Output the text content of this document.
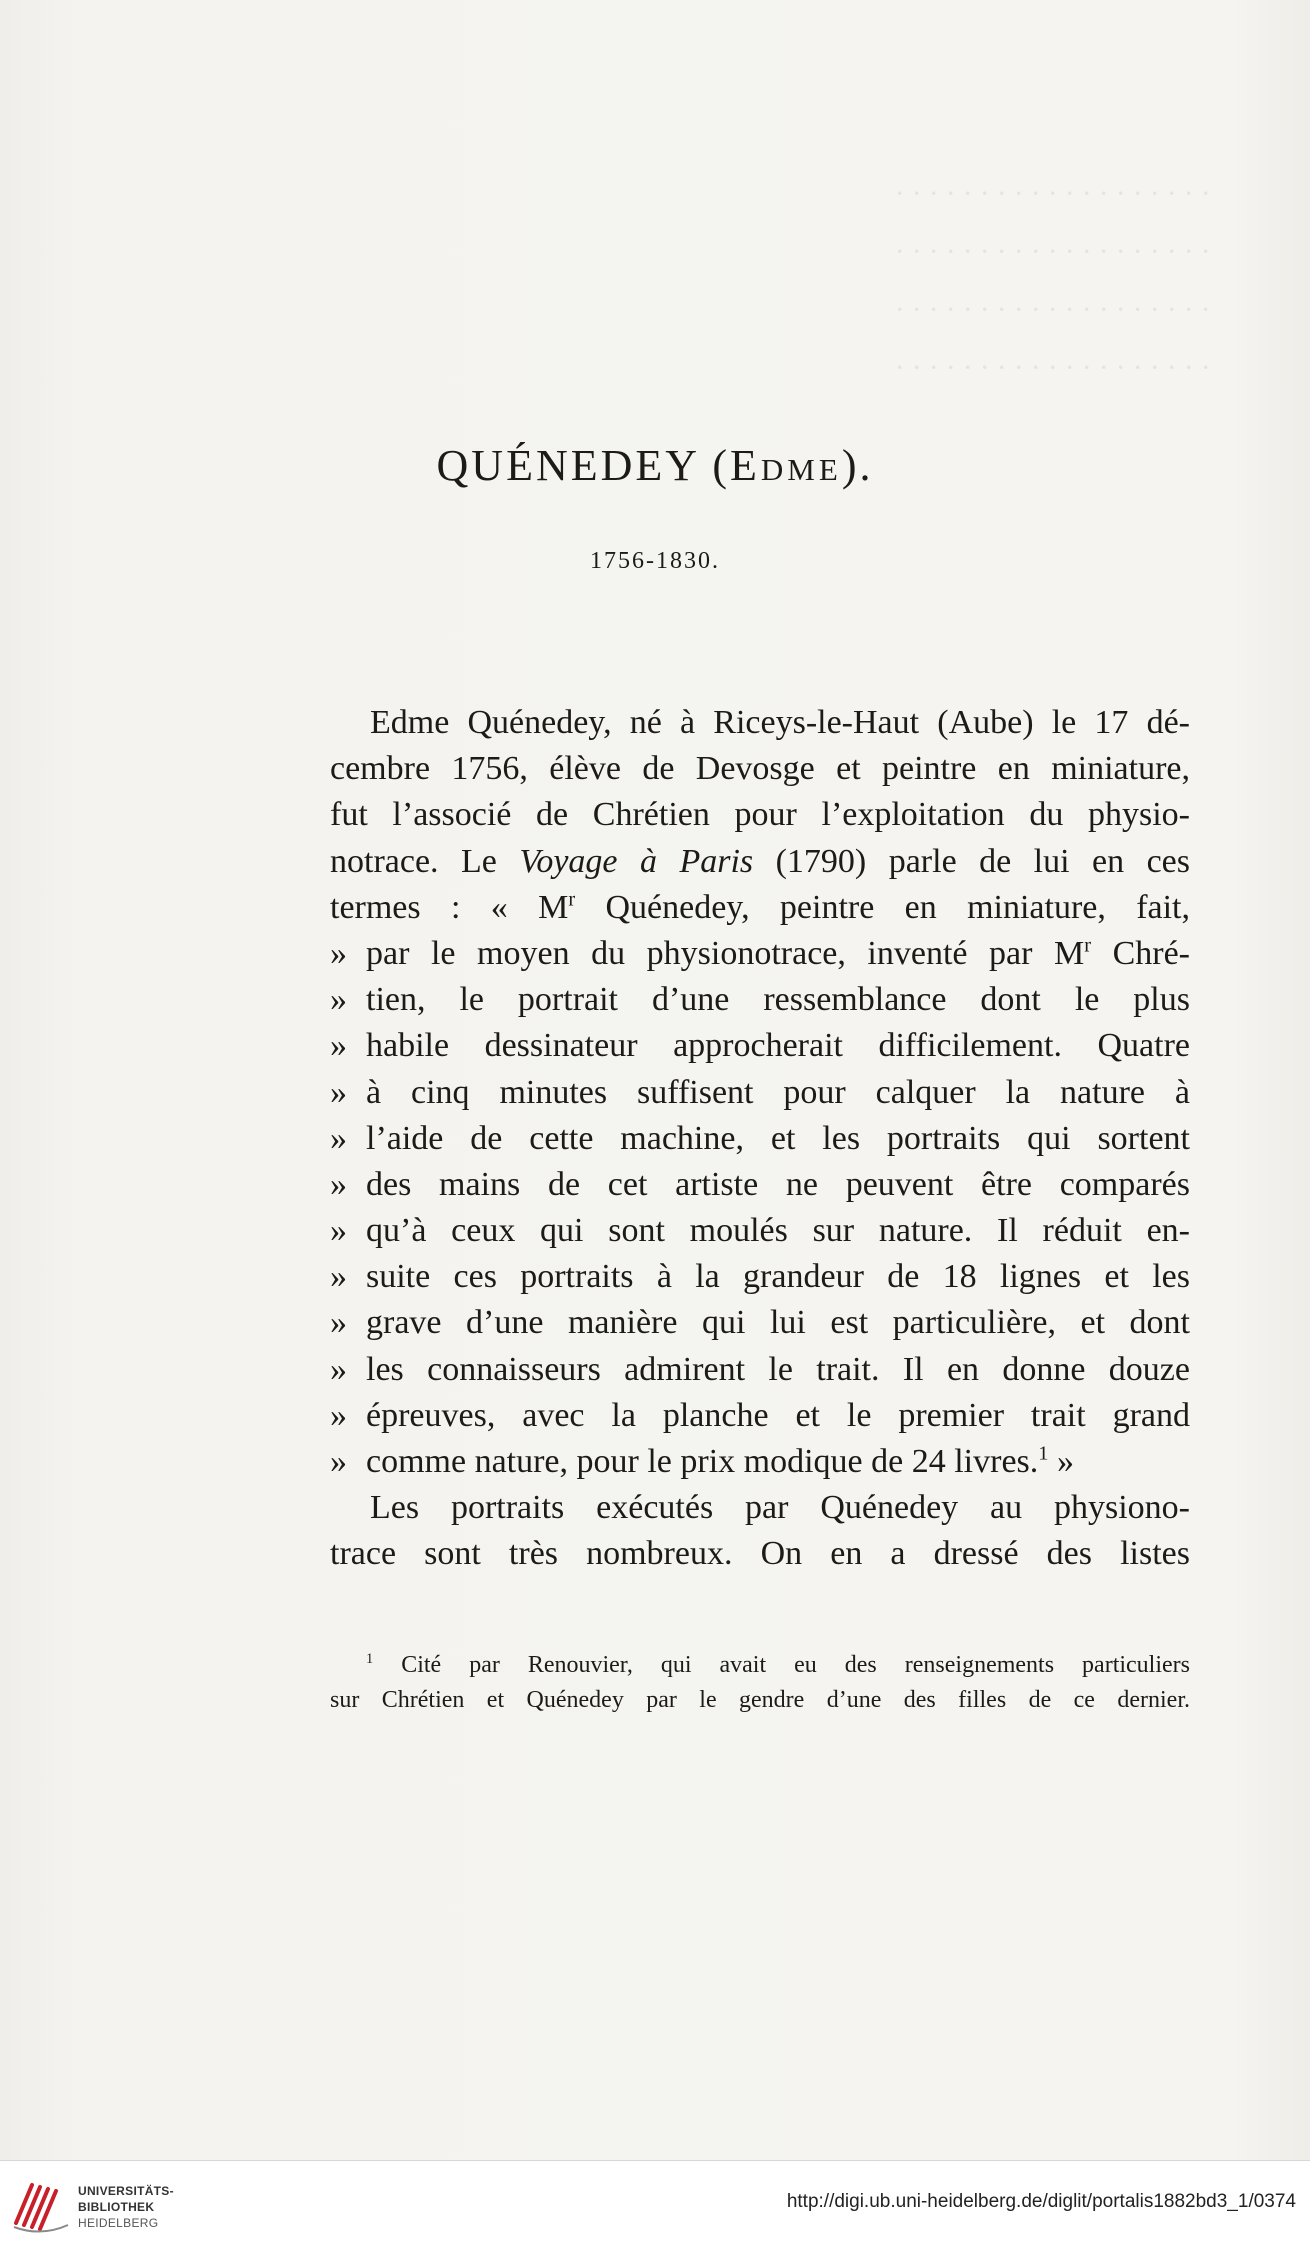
· · · · · · · · · · · · · · · · · · ·
· · · · · · · · · · · · · · · · · · ·
· · · · · · · · · · · · · · · · · · ·
· · · · · · · · · · · · · · · · · · ·
QUÉNEDEY (Edme).
1756-1830.
Edme Quénedey, né à Riceys-le-Haut (Aube) le 17 dé-
cembre 1756, élève de Devosge et peintre en miniature,
fut l’associé de Chrétien pour l’exploitation du physio-
notrace. Le Voyage à Paris (1790) parle de lui en ces
termes : « $M^r$ Quénedey, peintre en miniature, fait,
» par le moyen du physionotrace, inventé par $M^r$ Chré-
» tien, le portrait d’une ressemblance dont le plus
» habile dessinateur approcherait difficilement. Quatre
» à cinq minutes suffisent pour calquer la nature à
» l’aide de cette machine, et les portraits qui sortent
» des mains de cet artiste ne peuvent être comparés
» qu’à ceux qui sont moulés sur nature. Il réduit en-
» suite ces portraits à la grandeur de 18 lignes et les
» grave d’une manière qui lui est particulière, et dont
» les connaisseurs admirent le trait. Il en donne douze
» épreuves, avec la planche et le premier trait grand
» comme nature, pour le prix modique de 24 livres.$^1$ »
Les portraits exécutés par Quénedey au physiono-
trace sont très nombreux. On en a dressé des listes
$^1$ Cité par Renouvier, qui avait eu des renseignements particuliers
sur Chrétien et Quénedey par le gendre d’une des filles de ce dernier.
UNIVERSITÄTS-
BIBLIOTHEK
HEIDELBERG
http://digi.ub.uni-heidelberg.de/diglit/portalis1882bd3_1/0374
